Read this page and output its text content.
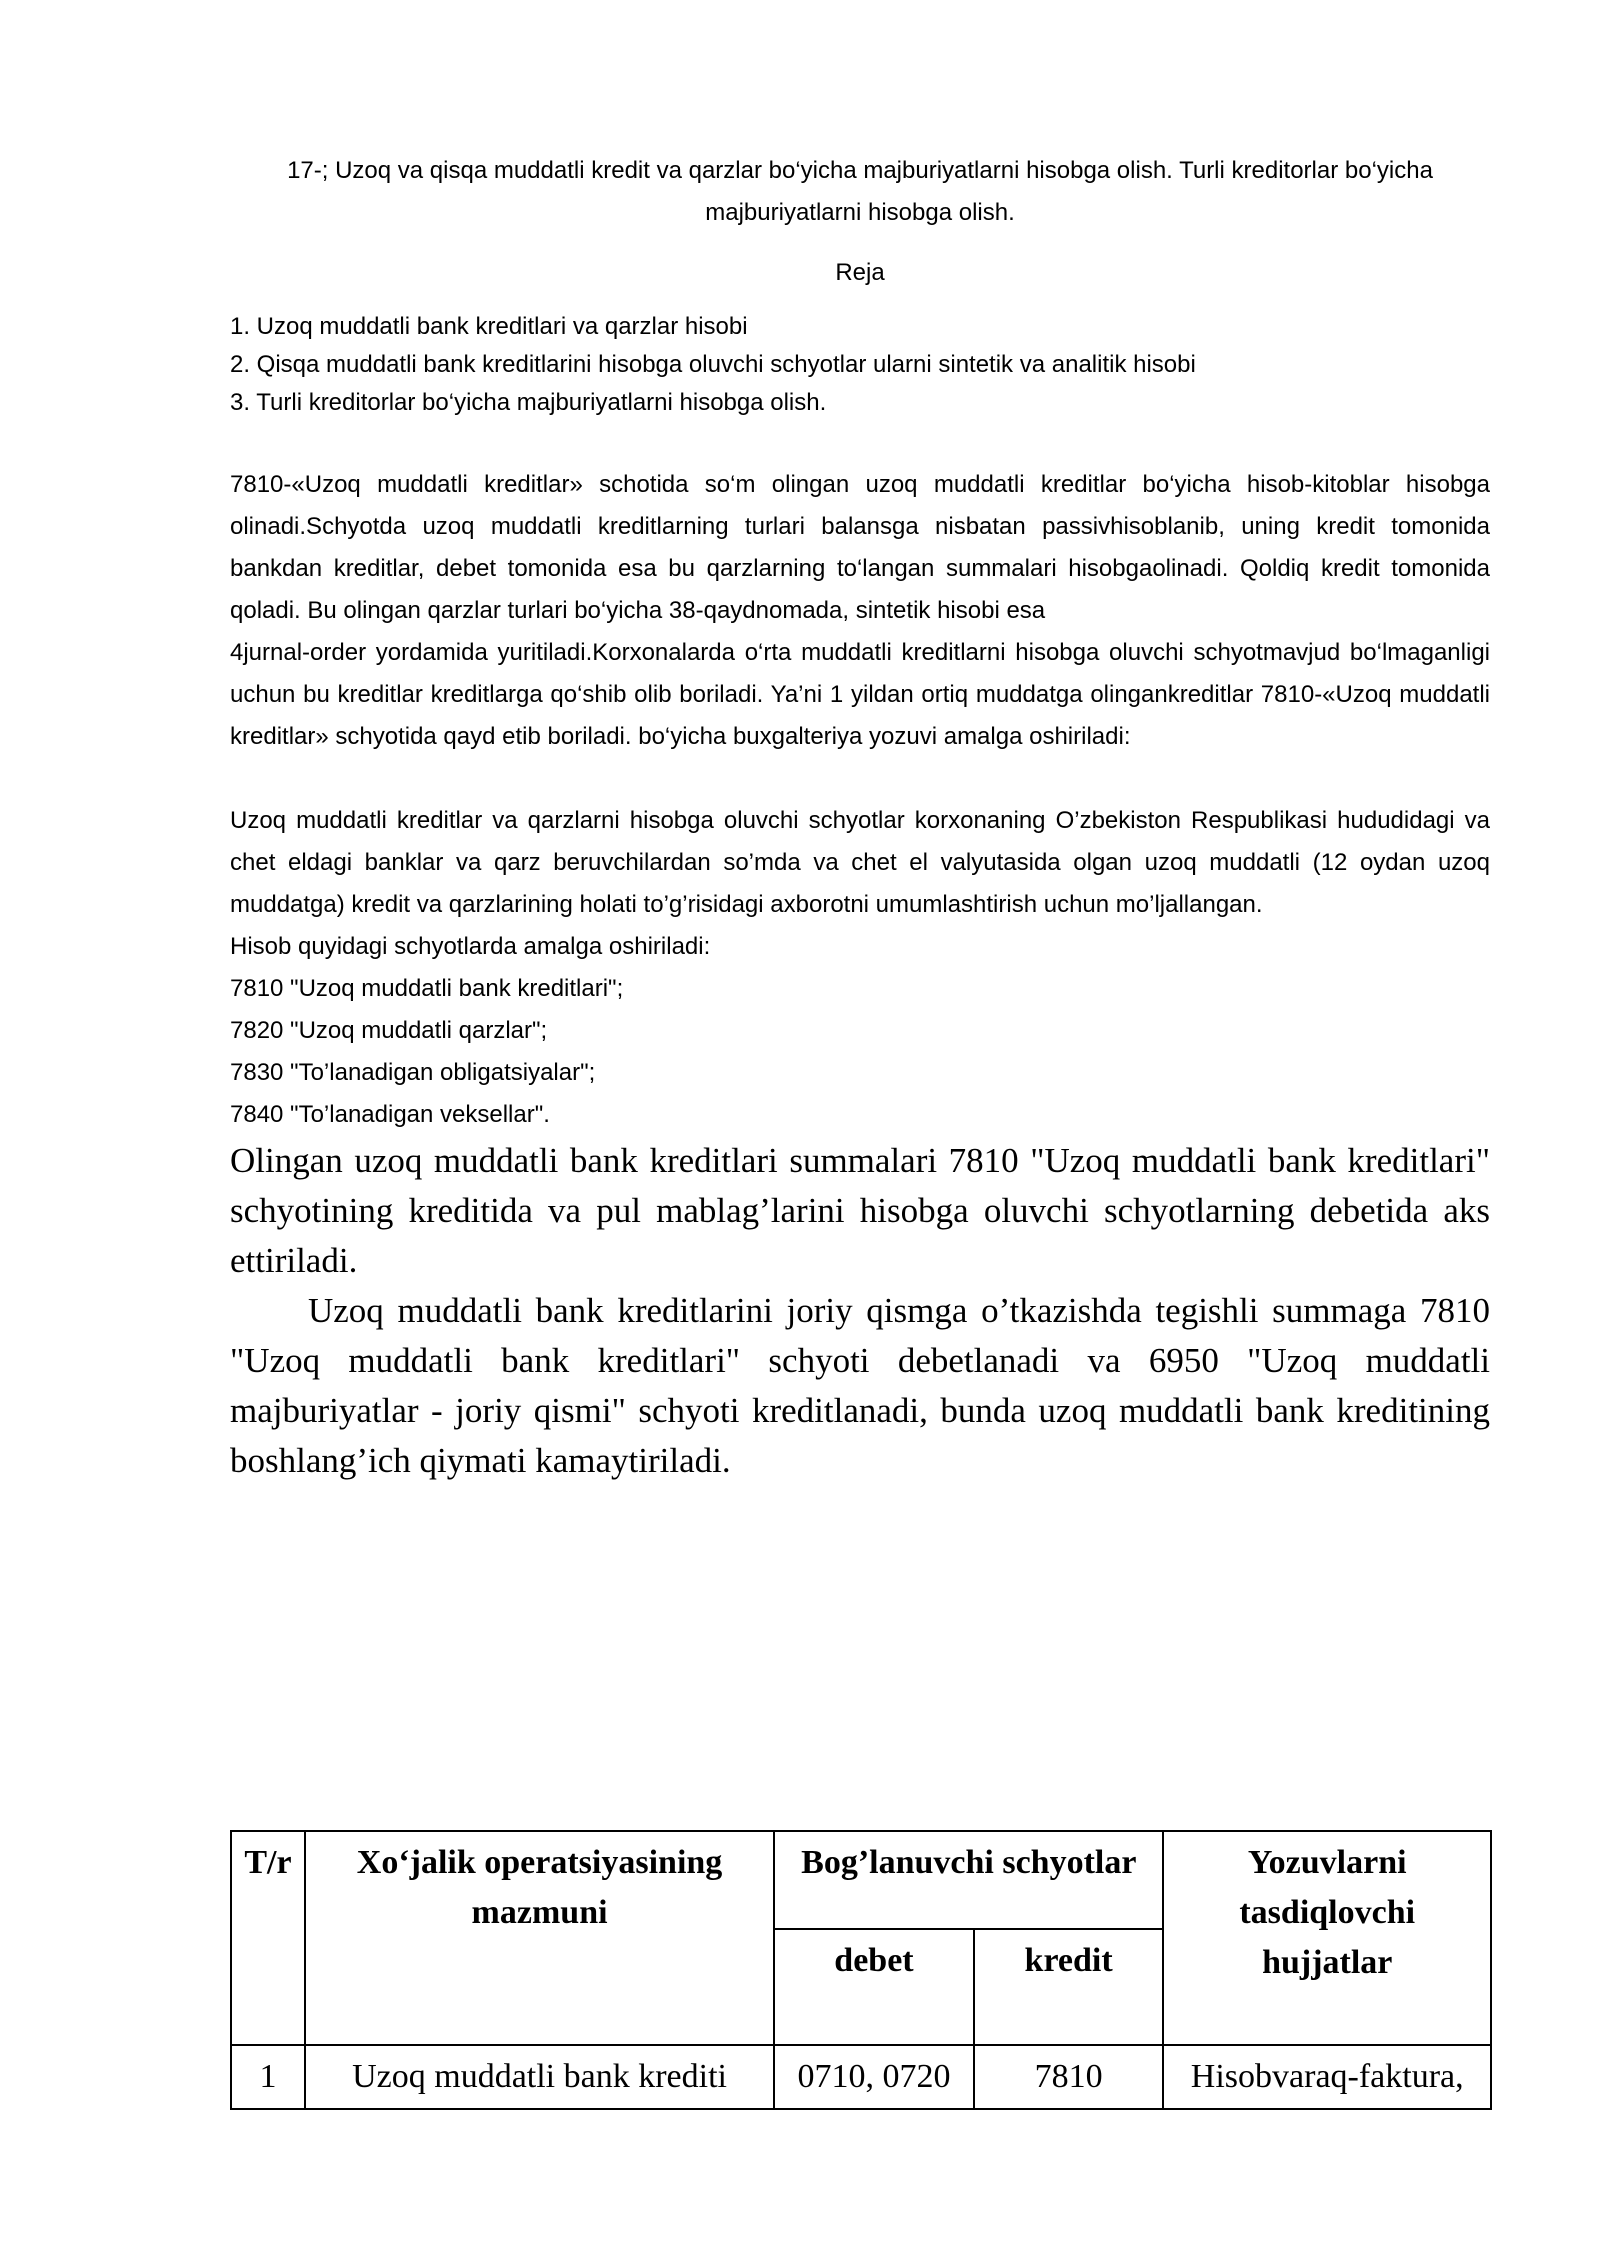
17-; Uzoq va qisqa muddatli kredit va qarzlar bo‘yicha majburiyatlarni hisobga olish. Turli kreditorlar bo‘yicha majburiyatlarni hisobga olish.

Reja

1. Uzoq muddatli bank kreditlari va qarzlar hisobi
2. Qisqa muddatli bank kreditlarini hisobga oluvchi schyotlar ularni sintetik va analitik hisobi
3. Turli kreditorlar bo‘yicha majburiyatlarni hisobga olish.

7810-«Uzoq muddatli kreditlar» schotida so‘m olingan uzoq muddatli kreditlar bo‘yicha hisob-kitoblar hisobga olinadi.Schyotda uzoq muddatli kreditlarning turlari balansga nisbatan passivhisoblanib, uning kredit tomonida bankdan kreditlar, debet tomonida esa bu qarzlarning to‘langan summalari hisobgaolinadi. Qoldiq kredit tomonida qoladi. Bu olingan qarzlar turlari bo‘yicha 38-qaydnomada, sintetik hisobi esa

4jurnal-order yordamida yuritiladi.Korxonalarda o‘rta muddatli kreditlarni hisobga oluvchi schyotmavjud bo‘lmaganligi uchun bu kreditlar kreditlarga qo‘shib olib boriladi. Ya’ni 1 yildan ortiq muddatga olingankreditlar 7810-«Uzoq muddatli kreditlar» schyotida qayd etib boriladi. bo‘yicha buxgalteriya yozuvi amalga oshiriladi:

Uzoq muddatli kreditlar va qarzlarni hisobga oluvchi schyotlar korxonaning O’zbekiston Respublikasi hududidagi va chet eldagi banklar va qarz beruvchilardan so’mda va chet el valyutasida olgan uzoq muddatli (12 oydan uzoq muddatga) kredit va qarzlarining holati to’g’risidagi axborotni umumlashtirish uchun mo’ljallangan.

Hisob quyidagi schyotlarda amalga oshiriladi:

7810 "Uzoq muddatli bank kreditlari";

7820 "Uzoq muddatli qarzlar";

7830 "To’lanadigan obligatsiyalar";

7840 "To’lanadigan veksellar".

Olingan uzoq muddatli bank kreditlari summalari 7810 "Uzoq muddatli bank kreditlari" schyotining kreditida va pul mablag’larini hisobga oluvchi schyotlarning debetida aks ettiriladi.

Uzoq muddatli bank kreditlarini joriy qismga o’tkazishda tegishli summaga 7810 "Uzoq muddatli bank kreditlari" schyoti debetlanadi va 6950 "Uzoq muddatli majburiyatlar - joriy qismi" schyoti kreditlanadi, bunda uzoq muddatli bank kreditining boshlang’ich qiymati kamaytiriladi.

T/r	Xo‘jalik operatsiyasining mazmuni	Bog’lanuvchi schyotlar		Yozuvlarni tasdiqlovchi hujjatlar
		debet	kredit	
1	Uzoq muddatli bank krediti	0710, 0720	7810	Hisobvaraq-faktura,
